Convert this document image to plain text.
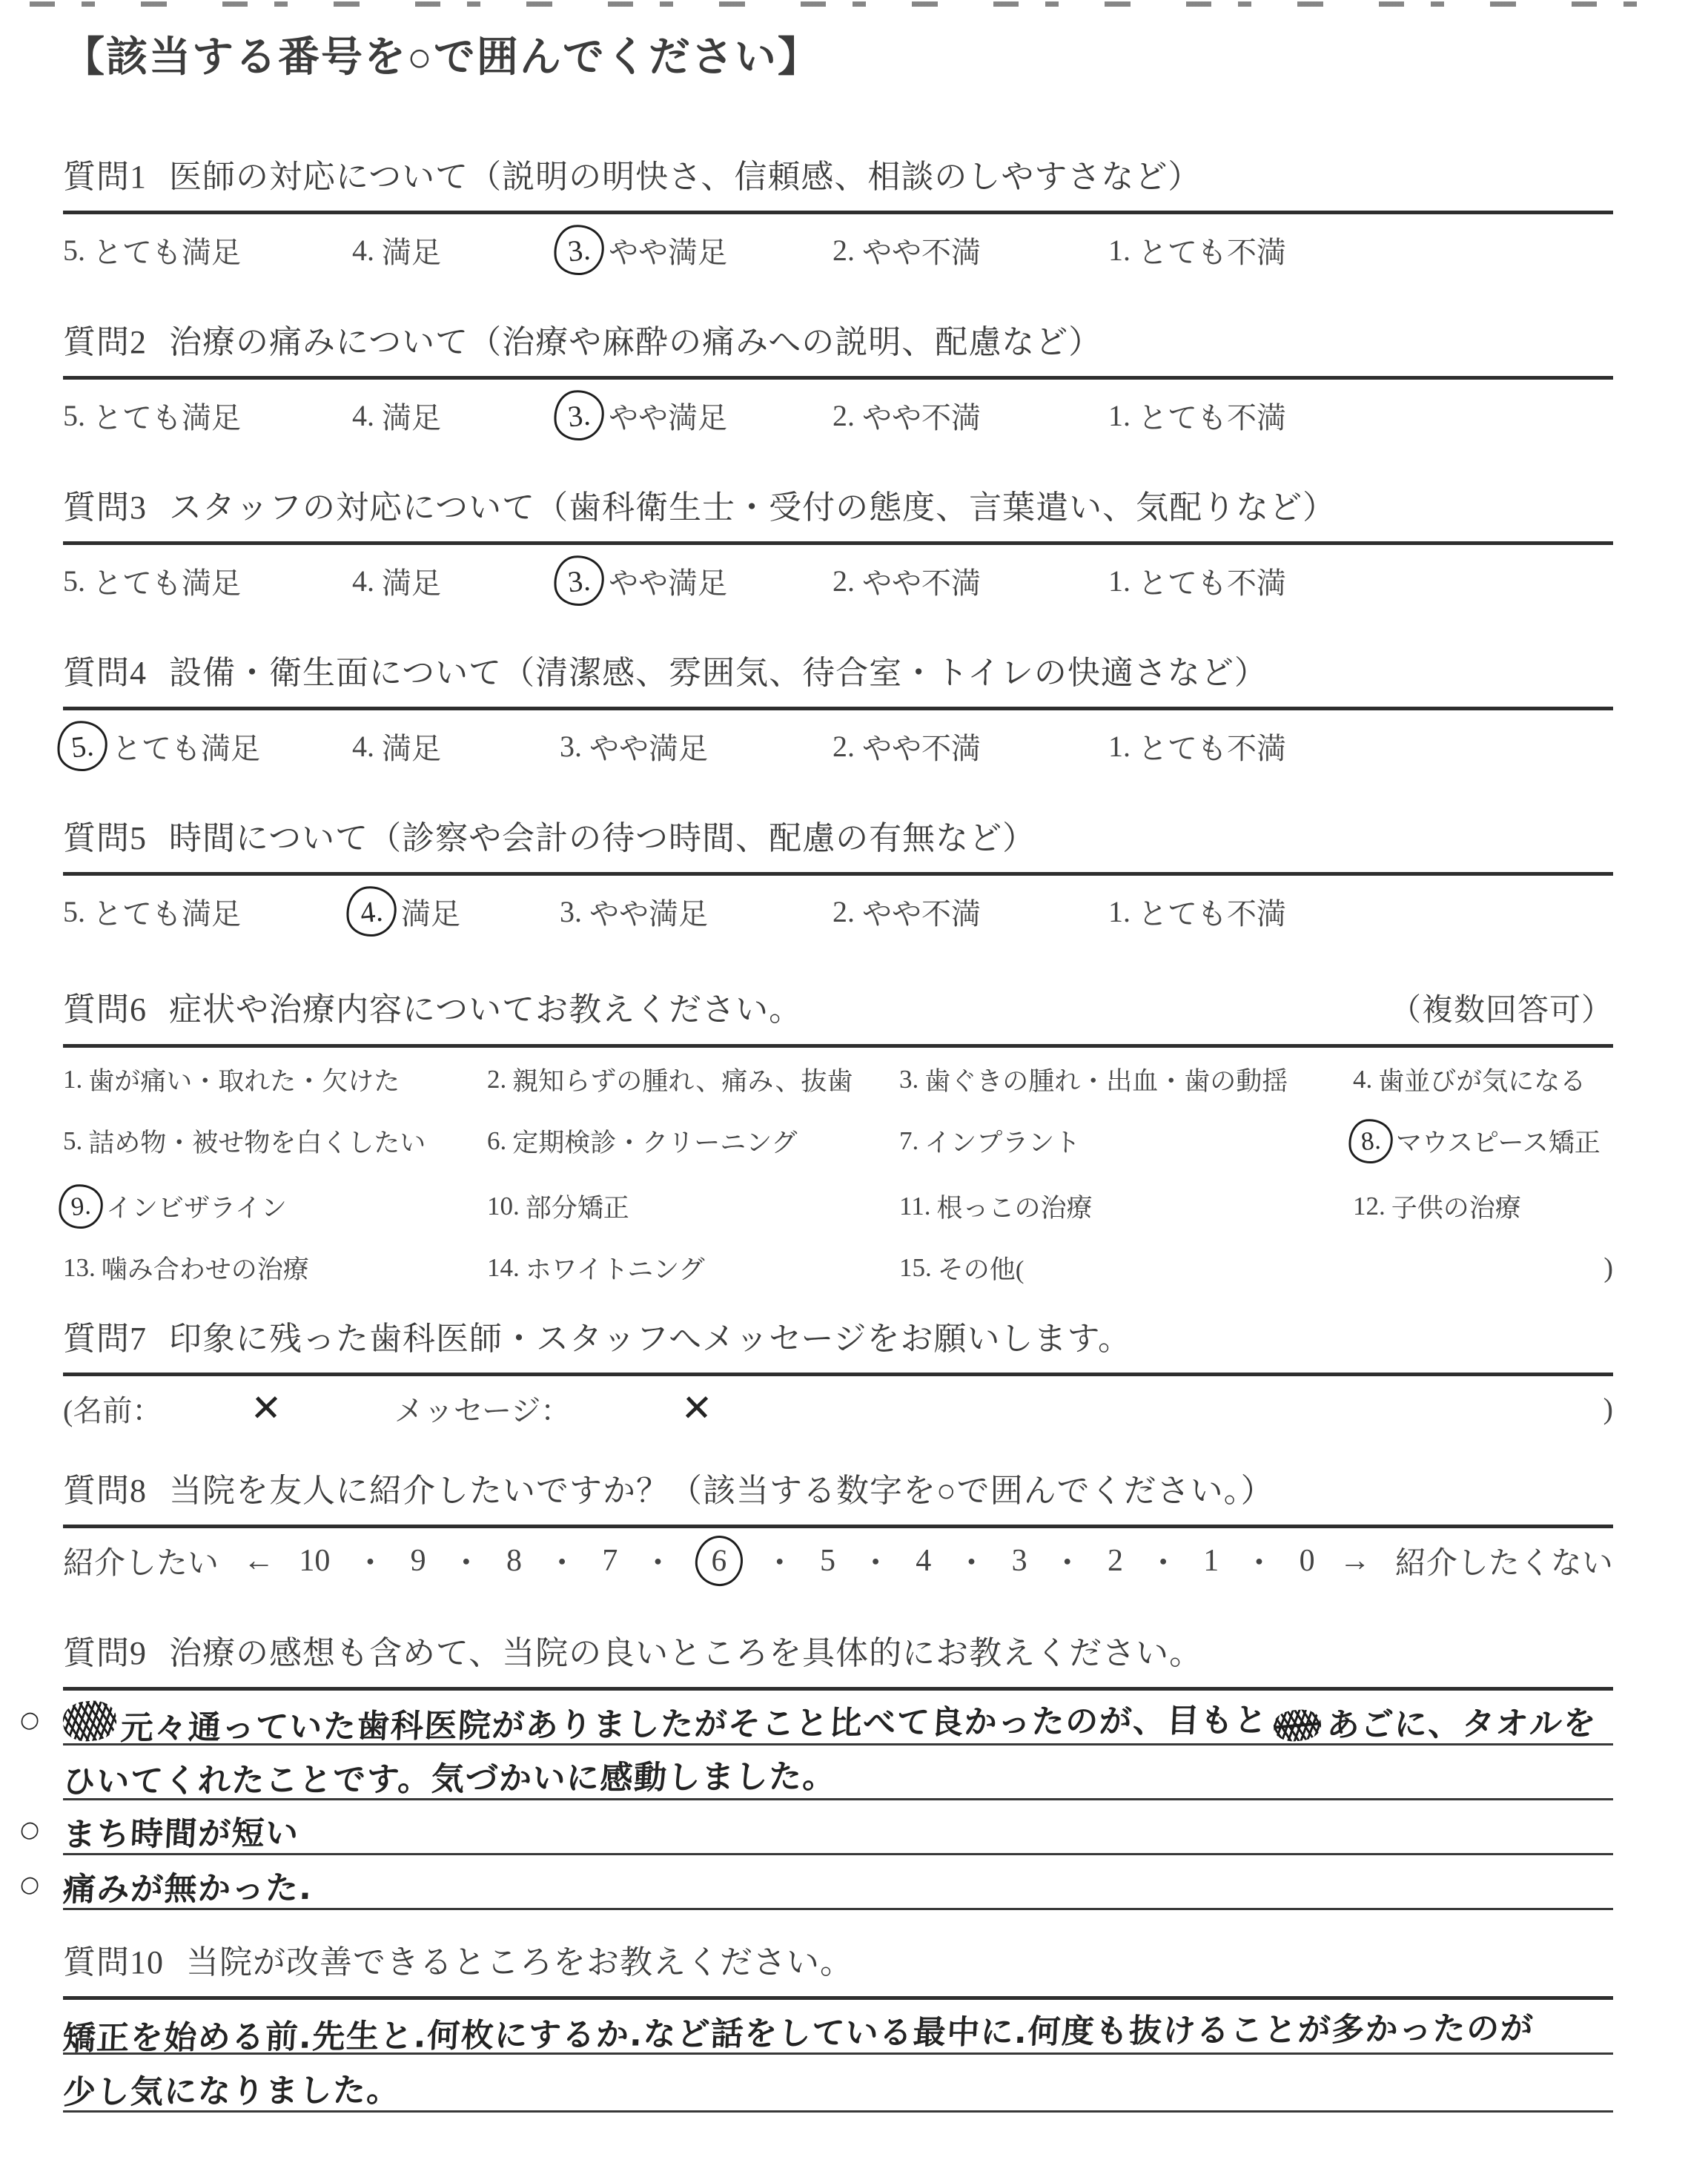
【該当する番号を○で囲んでください】
質問1 医師の対応について（説明の明快さ、信頼感、相談のしやすさなど）
5. とても満足	4. 満足	3. やや満足	2. やや不満	1. とても不満
質問2 治療の痛みについて（治療や麻酔の痛みへの説明、配慮など）
5. とても満足	4. 満足	3. やや満足	2. やや不満	1. とても不満
質問3 スタッフの対応について（歯科衛生士・受付の態度、言葉遣い、気配りなど）
5. とても満足	4. 満足	3. やや満足	2. やや不満	1. とても不満
質問4 設備・衛生面について（清潔感、雰囲気、待合室・トイレの快適さなど）
5. とても満足	4. 満足	3. やや満足	2. やや不満	1. とても不満
質問5 時間について（診察や会計の待つ時間、配慮の有無など）
5. とても満足	4. 満足	3. やや満足	2. やや不満	1. とても不満
質問6 症状や治療内容についてお教えください。	（複数回答可）
1. 歯が痛い・取れた・欠けた	2. 親知らずの腫れ、痛み、抜歯 3. 歯ぐきの腫れ・出血・歯の動揺	4. 歯並びが気になる
5. 詰め物・被せ物を白くしたい 6. 定期検診・クリーニング	7. インプラント	8. マウスピース矯正
9. インビザライン	10. 部分矯正	11. 根っこの治療	12. 子供の治療
13. 噛み合わせの治療	14. ホワイトニング	15. その他(	)
質問7 印象に残った歯科医師・スタッフへメッセージをお願いします。
(名前： ✕	メッセージ：	✕	)
質問8 当院を友人に紹介したいですか？（該当する数字を○で囲んでください。）
紹介したい ← 10 ・ 9 ・ 8 ・ 7 ・	6	・ 5 ・ 4 ・ 3 ・ 2 ・ 1 ・ 0 → 紹介したくない
質問9 治療の感想も含めて、当院の良いところを具体的にお教えください。
○ 元々通っていた歯科医院がありましたがそこと比べて良かったのが、目もと あごに、タオルを
ひいてくれたことです。気づかいに感動しました。
○ まち時間が短い
○ 痛みが無かった.
質問10 当院が改善できるところをお教えください。
矯正を始める前.先生と.何枚にするか.など話をしている最中に.何度も抜けることが多かったのが
少し気になりました。
